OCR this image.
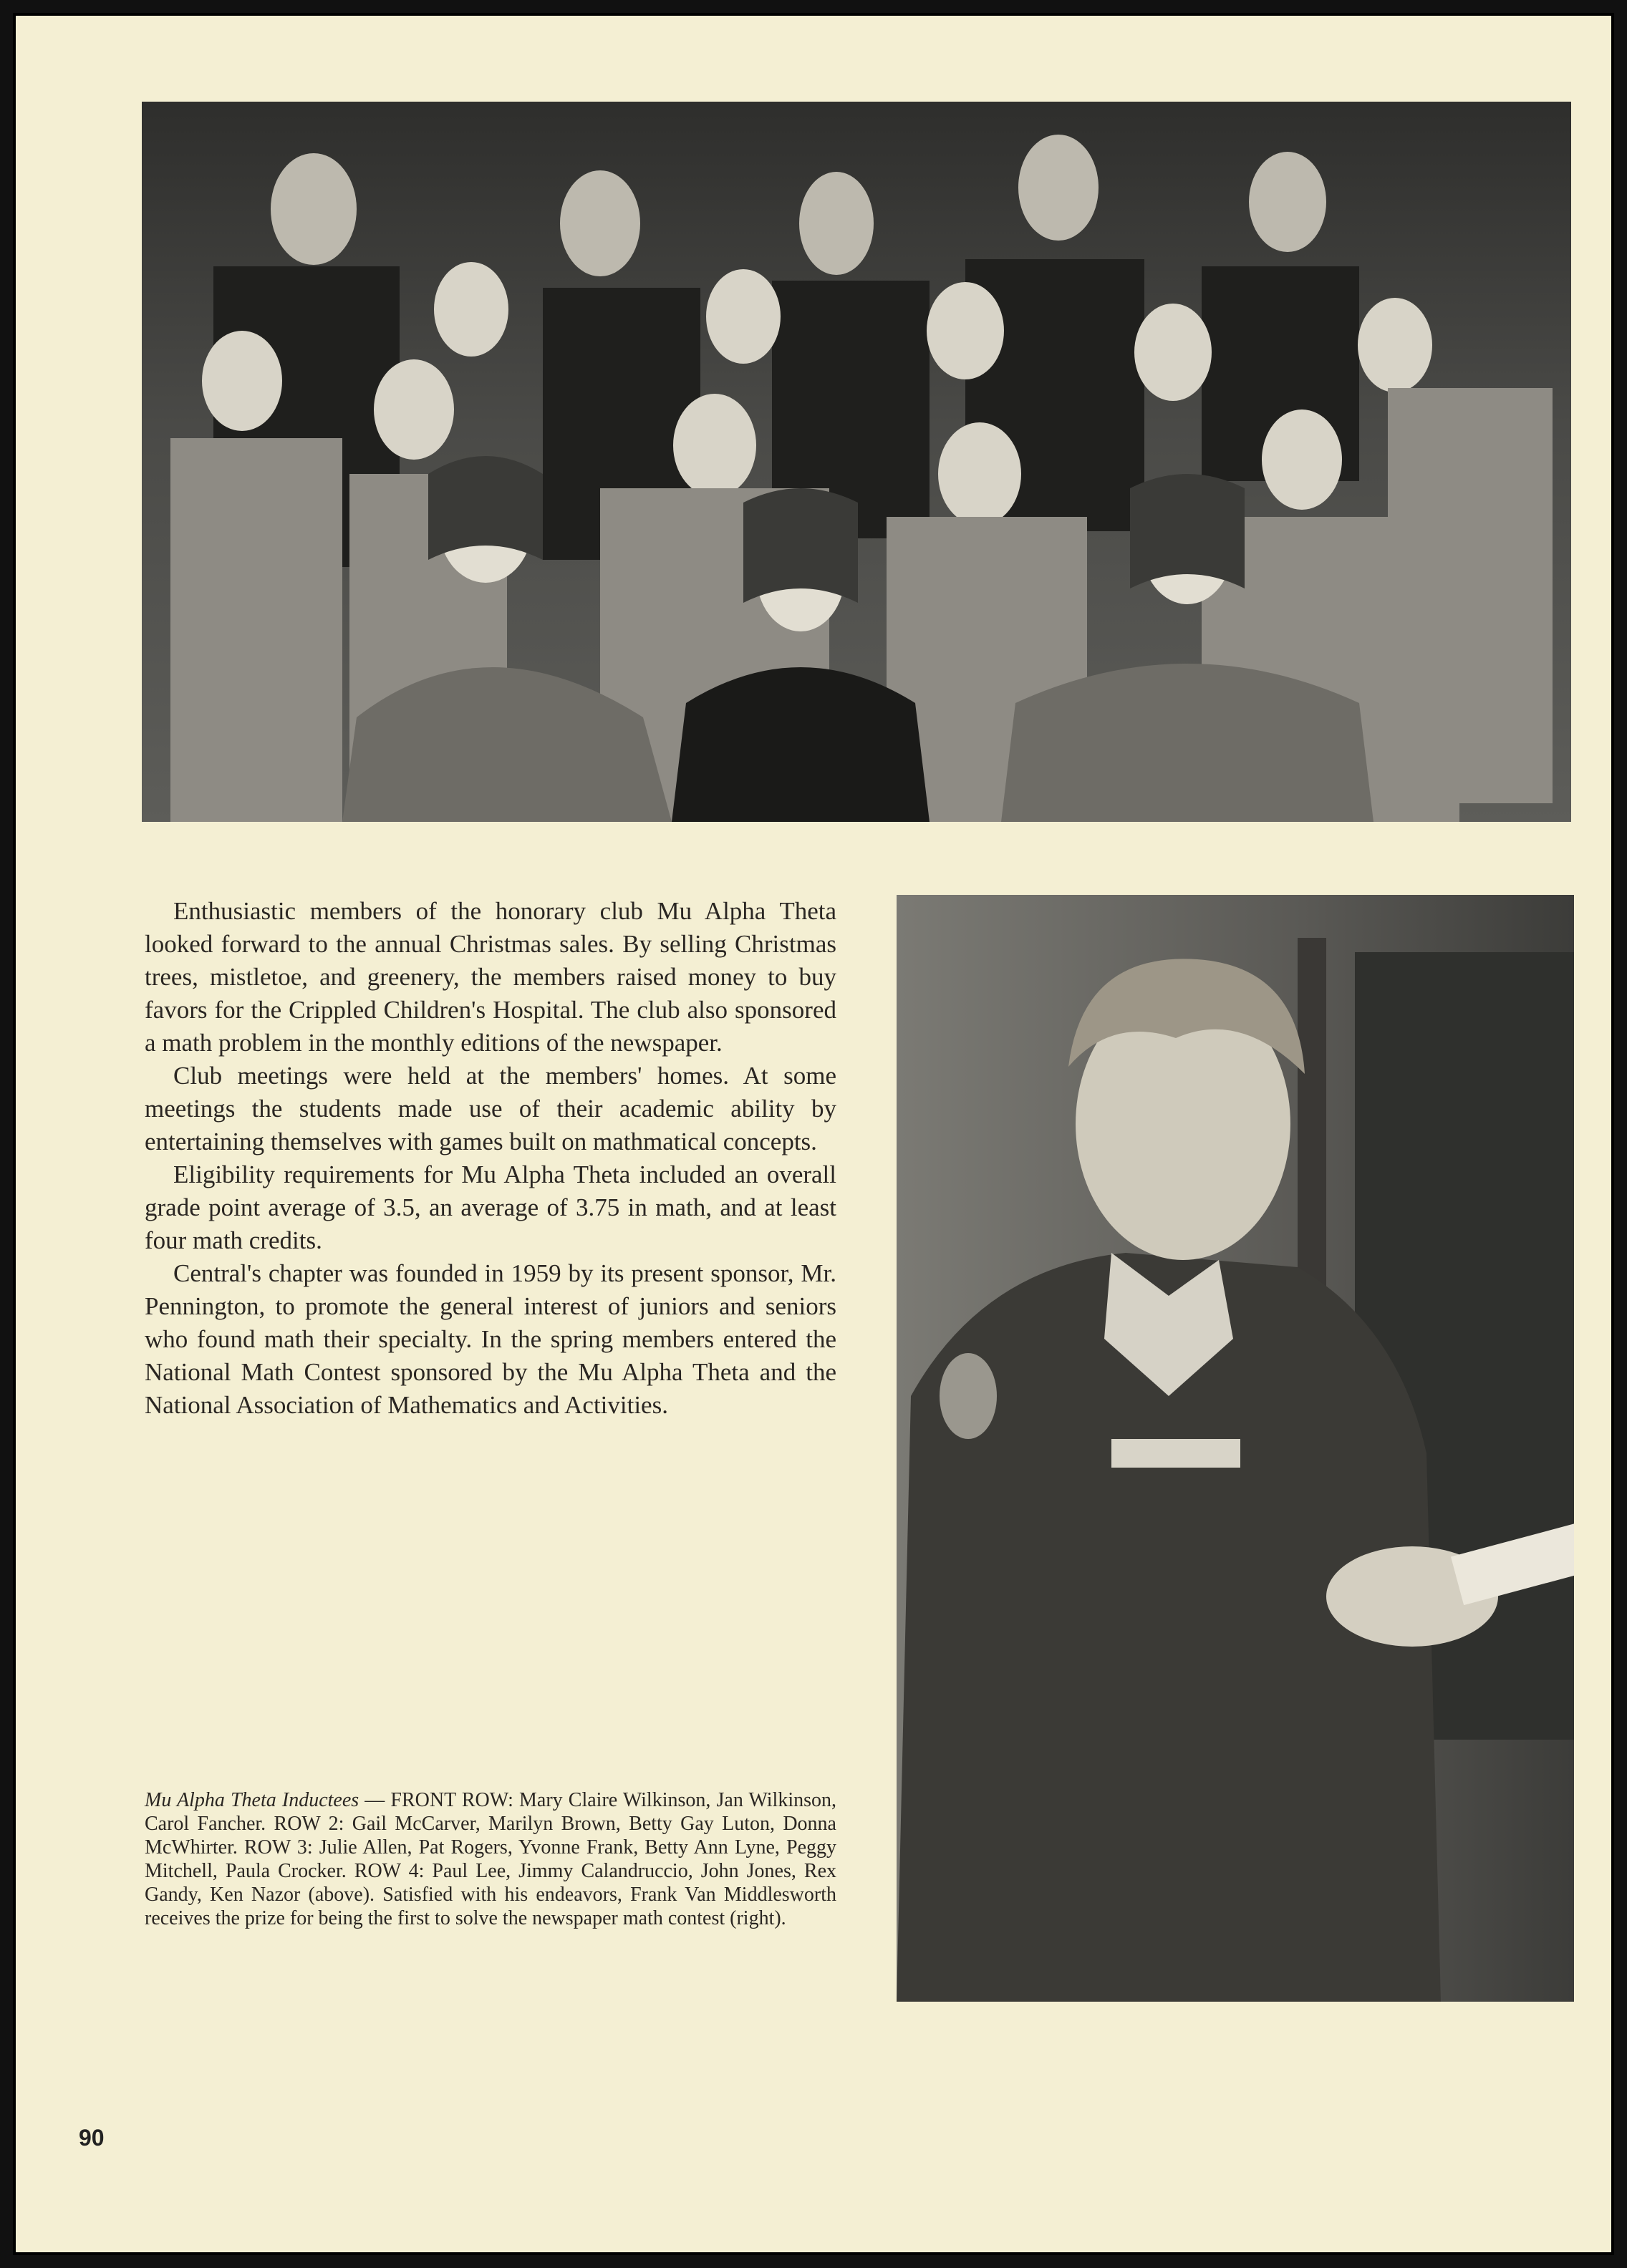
Enthusiastic members of the honorary club Mu Alpha Theta looked forward to the annual Christmas sales. By selling Christmas trees, mistletoe, and greenery, the members raised money to buy favors for the Crippled Children's Hospital. The club also sponsored a math problem in the monthly editions of the newspaper.

Club meetings were held at the members' homes. At some meetings the students made use of their academic ability by entertaining themselves with games built on mathmatical concepts.

Eligibility requirements for Mu Alpha Theta included an overall grade point average of 3.5, an average of 3.75 in math, and at least four math credits.

Central's chapter was founded in 1959 by its present sponsor, Mr. Pennington, to promote the general interest of juniors and seniors who found math their specialty. In the spring members entered the National Math Contest sponsored by the Mu Alpha Theta and the National Association of Mathematics and Activities.

Mu Alpha Theta Inductees — FRONT ROW: Mary Claire Wilkinson, Jan Wilkinson, Carol Fancher. ROW 2: Gail McCarver, Marilyn Brown, Betty Gay Luton, Donna McWhirter. ROW 3: Julie Allen, Pat Rogers, Yvonne Frank, Betty Ann Lyne, Peggy Mitchell, Paula Crocker. ROW 4: Paul Lee, Jimmy Calandruccio, John Jones, Rex Gandy, Ken Nazor (above). Satisfied with his endeavors, Frank Van Middlesworth receives the prize for being the first to solve the newspaper math contest (right).
90
